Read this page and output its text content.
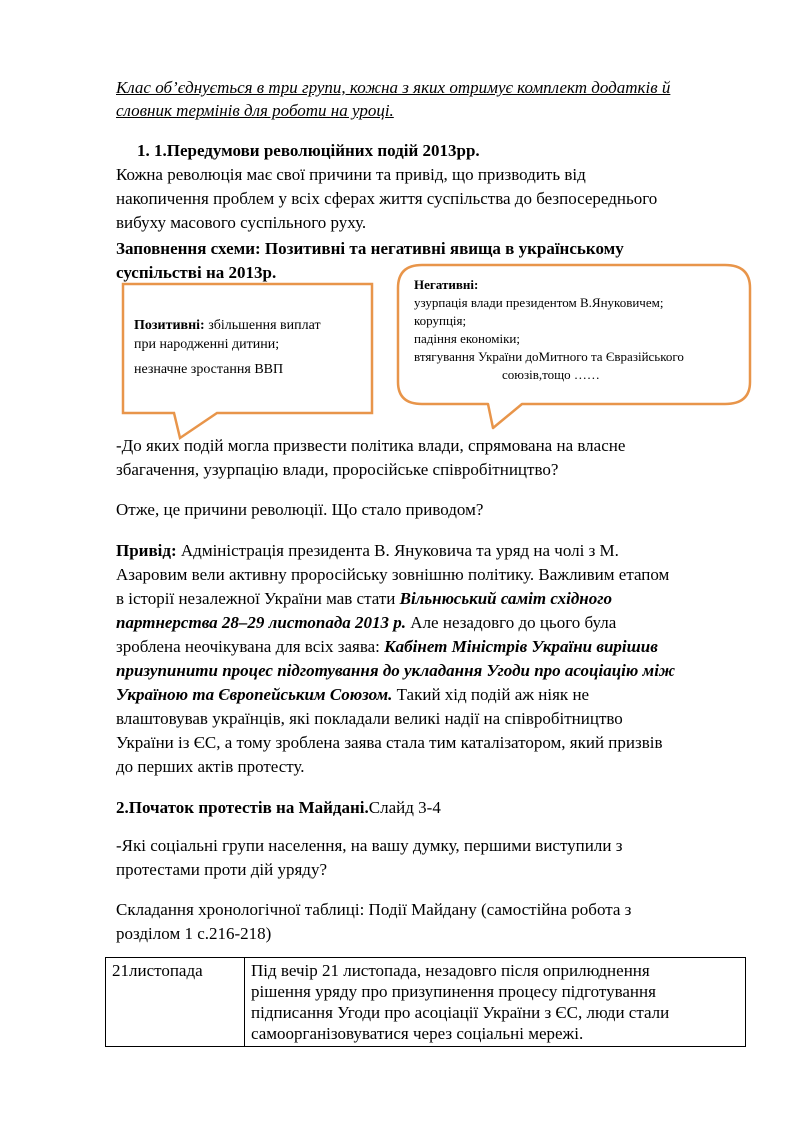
Клас об’єднується в три групи, кожна з яких отримує комплект додатків й
словник термінів для роботи на уроці.
1. 1.Передумови революційних подій 2013рр.
Кожна революція має свої причини та привід, що призводить від
накопичення проблем у всіх сферах життя суспільства до безпосереднього
вибуху масового суспільного руху.
Заповнення схеми: Позитивні та негативні явища в українському
суспільстві на 2013р.
Позитивні: збільшення виплат
при народженні дитини;
незначне зростання ВВП
Негативні:
узурпація влади президентом В.Януковичем;
корупція;
падіння економіки;
втягування України доМитного та Євразійського
союзів,тощо ……
-До яких подій могла призвести політика влади, спрямована на власне
збагачення, узурпацію влади, проросійське співробітництво?
Отже, це причини революції. Що стало приводом?
Привід: Адміністрація президента В. Януковича та уряд на чолі з М.
Азаровим вели активну проросійську зовнішню політику. Важливим етапом
в історії незалежної України мав стати Вільнюський саміт східного
партнерства 28–29 листопада 2013 р. Але незадовго до цього була
зроблена неочікувана для всіх заява: Кабінет Міністрів України вирішив
призупинити процес підготування до укладання Угоди про асоціацію між
Україною та Європейським Союзом. Такий хід подій аж ніяк не
влаштовував українців, які покладали великі надії на співробітництво
України із ЄС, а тому зроблена заява стала тим каталізатором, який призвів
до перших актів протесту.
2.Початок протестів на Майдані.Слайд 3-4
-Які соціальні групи населення, на вашу думку, першими виступили з
протестами проти дій уряду?
Складання хронологічної таблиці: Події Майдану (самостійна робота з
розділом 1 с.216-218)
21листопада	Під вечір 21 листопада, незадовго після оприлюднення
рішення уряду про призупинення процесу підготування
підписання Угоди про асоціації України з ЄС, люди стали
самоорганізовуватися через соціальні мережі.
